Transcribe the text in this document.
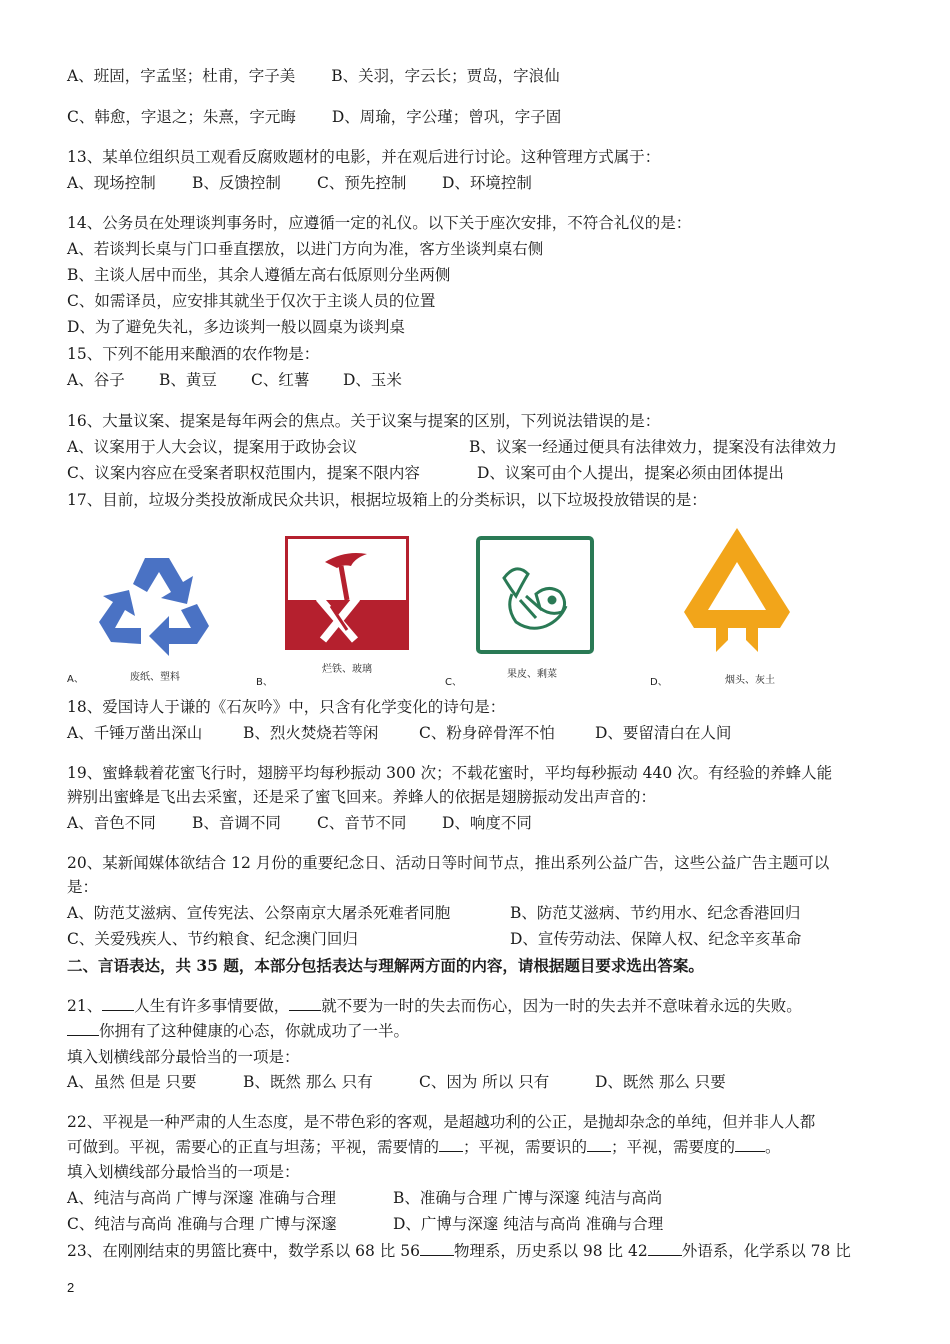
A、班固，字孟坚；杜甫，字子美 B、关羽，字云长；贾岛，字浪仙
C、韩愈，字退之；朱熹，字元晦 D、周瑜，字公瑾；曾巩，字子固
13、某单位组织员工观看反腐败题材的电影，并在观后进行讨论。这种管理方式属于：
A、现场控制 B、反馈控制 C、预先控制 D、环境控制
14、公务员在处理谈判事务时，应遵循一定的礼仪。以下关于座次安排，不符合礼仪的是：
A、若谈判长桌与门口垂直摆放，以进门方向为准，客方坐谈判桌右侧
B、主谈人居中而坐，其余人遵循左高右低原则分坐两侧
C、如需译员，应安排其就坐于仅次于主谈人员的位置
D、为了避免失礼，多边谈判一般以圆桌为谈判桌
15、下列不能用来酿酒的农作物是：
A、谷子 B、黄豆 C、红薯 D、玉米
16、大量议案、提案是每年两会的焦点。关于议案与提案的区别，下列说法错误的是：
A、议案用于人大会议，提案用于政协会议	B、议案一经通过便具有法律效力，提案没有法律效力
C、议案内容应在受案者职权范围内，提案不限内容	D、议案可由个人提出，提案必须由团体提出
17、目前，垃圾分类投放渐成民众共识，根据垃圾箱上的分类标识，以下垃圾投放错误的是：
A、	废纸、塑料	B、
烂铁、玻璃
C、
果皮、剩菜
D、	烟头、灰土
18、爱国诗人于谦的《石灰吟》中，只含有化学变化的诗句是：
A、千锤万凿出深山	B、烈火焚烧若等闲	C、粉身碎骨浑不怕	D、要留清白在人间
19、蜜蜂载着花蜜飞行时，翅膀平均每秒振动 300 次；不载花蜜时，平均每秒振动 440 次。有经验的养蜂人能
辨别出蜜蜂是飞出去采蜜，还是采了蜜飞回来。养蜂人的依据是翅膀振动发出声音的：
A、音色不同 B、音调不同 C、音节不同 D、响度不同
20、某新闻媒体欲结合 12 月份的重要纪念日、活动日等时间节点，推出系列公益广告，这些公益广告主题可以
是：
A、防范艾滋病、宣传宪法、公祭南京大屠杀死难者同胞	B、防范艾滋病、节约用水、纪念香港回归
C、关爱残疾人、节约粮食、纪念澳门回归	D、宣传劳动法、保障人权、纪念辛亥革命
二、言语表达，共 35 题，本部分包括表达与理解两方面的内容，请根据题目要求选出答案。
21、 人生有许多事情要做， 就不要为一时的失去而伤心，因为一时的失去并不意味着永远的失败。
你拥有了这种健康的心态，你就成功了一半。
填入划横线部分最恰当的一项是：
A、虽然 但是 只要	B、既然 那么 只有	C、因为 所以 只有	D、既然 那么 只要
22、平视是一种严肃的人生态度，是不带色彩的客观，是超越功利的公正，是抛却杂念的单纯，但并非人人都
可做到。平视，需要心的正直与坦荡；平视，需要情的 ；平视，需要识的 ；平视，需要度的 。
填入划横线部分最恰当的一项是：
A、纯洁与高尚 广博与深邃 准确与合理	B、准确与合理 广博与深邃 纯洁与高尚
C、纯洁与高尚 准确与合理 广博与深邃	D、广博与深邃 纯洁与高尚 准确与合理
23、在刚刚结束的男篮比赛中，数学系以 68 比 56 物理系，历史系以 98 比 42 外语系，化学系以 78 比
2
